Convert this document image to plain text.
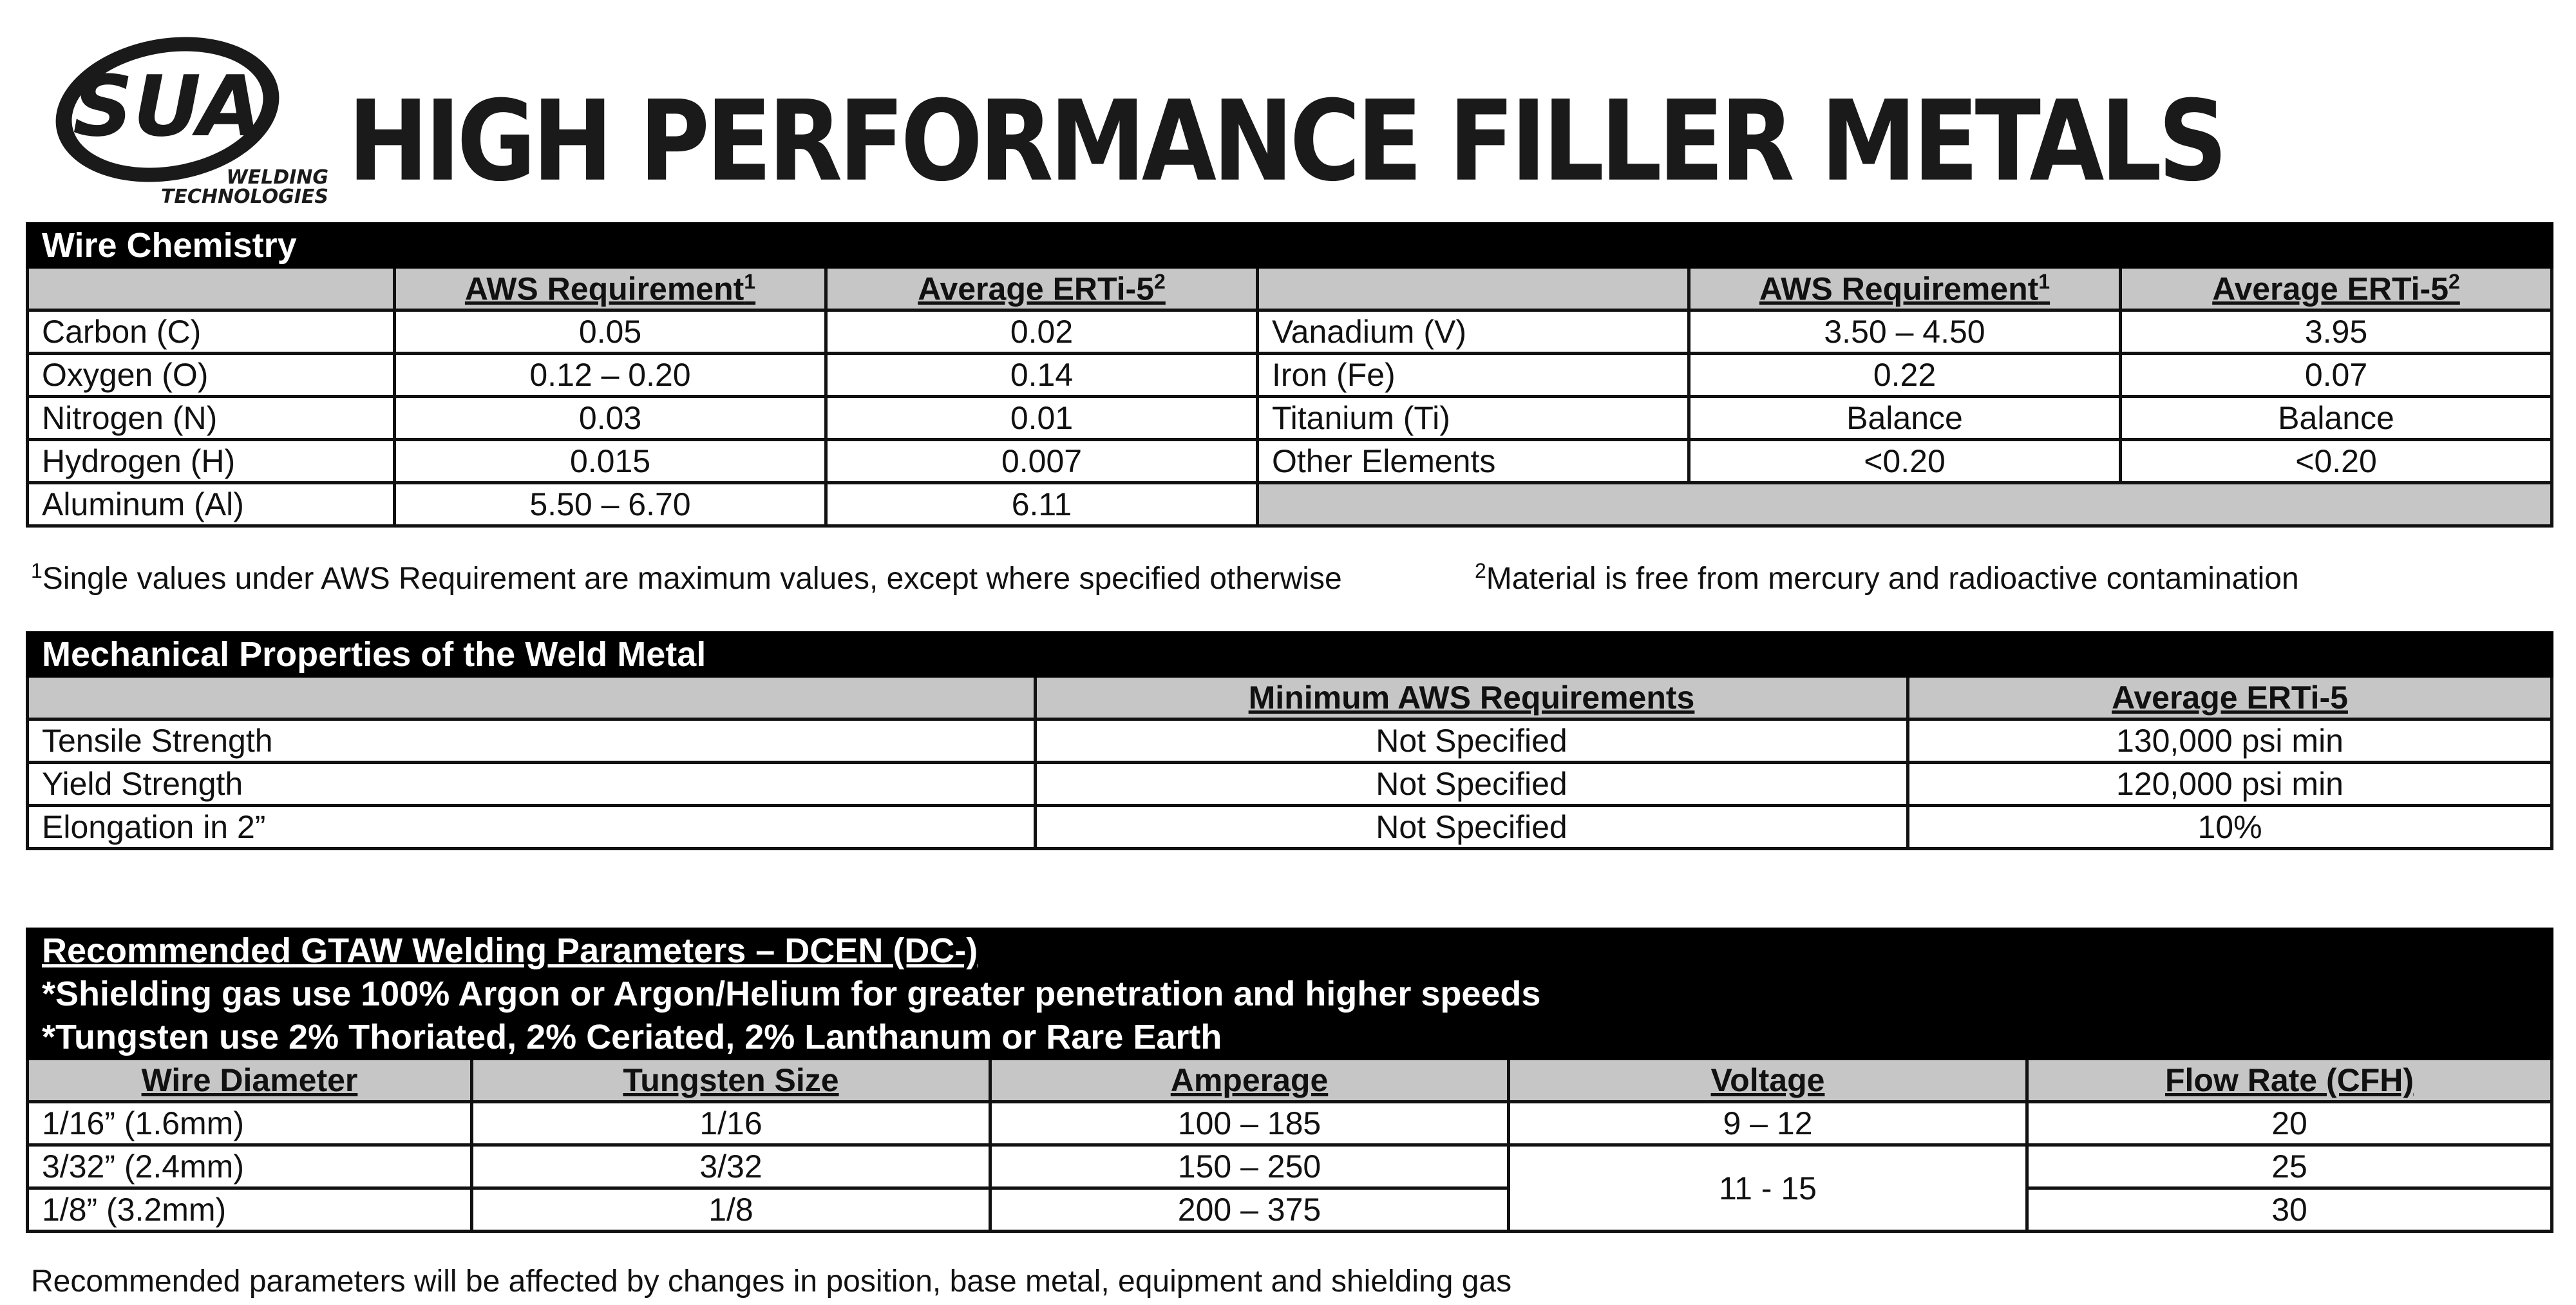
SUA
WELDING
TECHNOLOGIES HIGH PERFORMANCE FILLER METALS
Wire Chemistry					
	AWS Requirement$^1$	Average ERTi-$5^2$		AWS Requirement$^1$	Average ERTi-$5^2$
Carbon (C)	0.05	0.02	Vanadium (V)	3.50 – 4.50	3.95
Oxygen (O)	0.12 – 0.20	0.14	Iron (Fe)	0.22	0.07
Nitrogen (N)	0.03	0.01	Titanium (Ti)	Balance	Balance
Hydrogen (H)	0.015	0.007	Other Elements	<0.20	<0.20
Aluminum (Al)	5.50 – 6.70	6.11			
$^1$Single values under AWS Requirement are maximum values, except where specified otherwise	$^2$Material is free from mercury and radioactive contamination
Mechanical Properties of the Weld Metal		
	Minimum AWS Requirements	Average ERTi-5
Tensile Strength	Not Specified	130,000 psi min
Yield Strength	Not Specified	120,000 psi min
Elongation in 2”	Not Specified	10%
Recommended GTAW Welding Parameters – DCEN (DC-)				
*Shielding gas use 100% Argon or Argon/Helium for greater penetration and higher speeds				
*Tungsten use 2% Thoriated, 2% Ceriated, 2% Lanthanum or Rare Earth				
Wire Diameter	Tungsten Size	Amperage	Voltage	Flow Rate (CFH)
1/16” (1.6mm)	1/16	100 – 185	9 – 12	20
3/32” (2.4mm)	3/32	150 – 250	11 - 15	25
1/8” (3.2mm)	1/8	200 – 375		30
Recommended parameters will be affected by changes in position, base metal, equipment and shielding gas
